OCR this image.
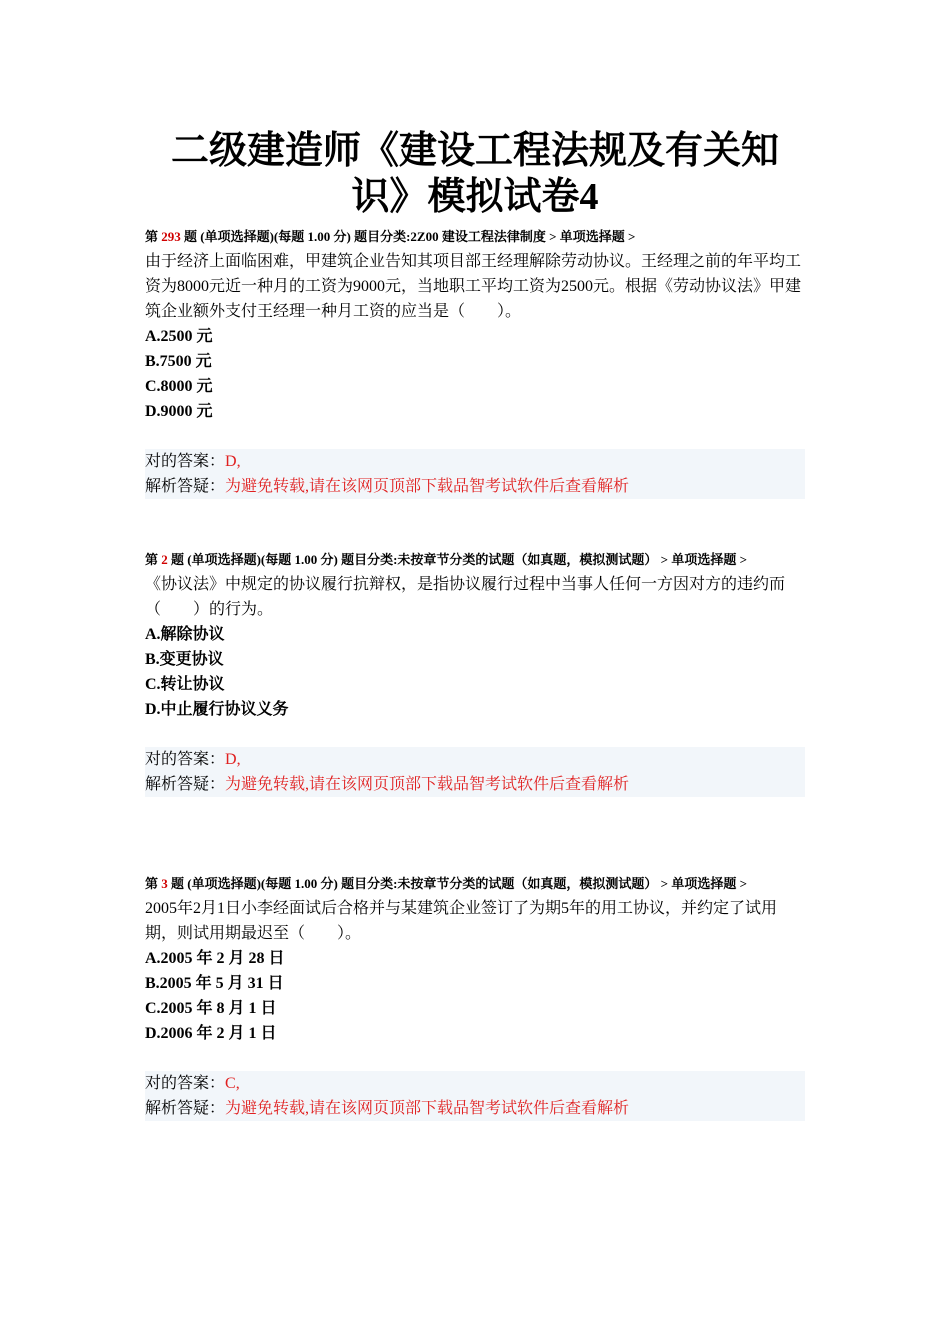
二级建造师《建设工程法规及有关知
识》模拟试卷4
第 293 题 (单项选择题)(每题 1.00 分) 题目分类:2Z00 建设工程法律制度 > 单项选择题 >
由于经济上面临困难，甲建筑企业告知其项目部王经理解除劳动协议。王经理之前的年平均工资为8000元近一种月的工资为9000元，当地职工平均工资为2500元。根据《劳动协议法》甲建筑企业额外支付王经理一种月工资的应当是（　　）。
A.2500 元
B.7500 元
C.8000 元
D.9000 元
对的答案：D,
解析答疑：为避免转载,请在该网页顶部下载品智考试软件后查看解析
第 2 题 (单项选择题)(每题 1.00 分) 题目分类:未按章节分类的试题（如真题，模拟测试题） > 单项选择题 >
《协议法》中规定的协议履行抗辩权，是指协议履行过程中当事人任何一方因对方的违约而（　　）的行为。
A.解除协议
B.变更协议
C.转让协议
D.中止履行协议义务
对的答案：D,
解析答疑：为避免转载,请在该网页顶部下载品智考试软件后查看解析
第 3 题 (单项选择题)(每题 1.00 分) 题目分类:未按章节分类的试题（如真题，模拟测试题） > 单项选择题 >
2005年2月1日小李经面试后合格并与某建筑企业签订了为期5年的用工协议，并约定了试用期，则试用期最迟至（　　）。
A.2005 年 2 月 28 日
B.2005 年 5 月 31 日
C.2005 年 8 月 1 日
D.2006 年 2 月 1 日
对的答案：C,
解析答疑：为避免转载,请在该网页顶部下载品智考试软件后查看解析
